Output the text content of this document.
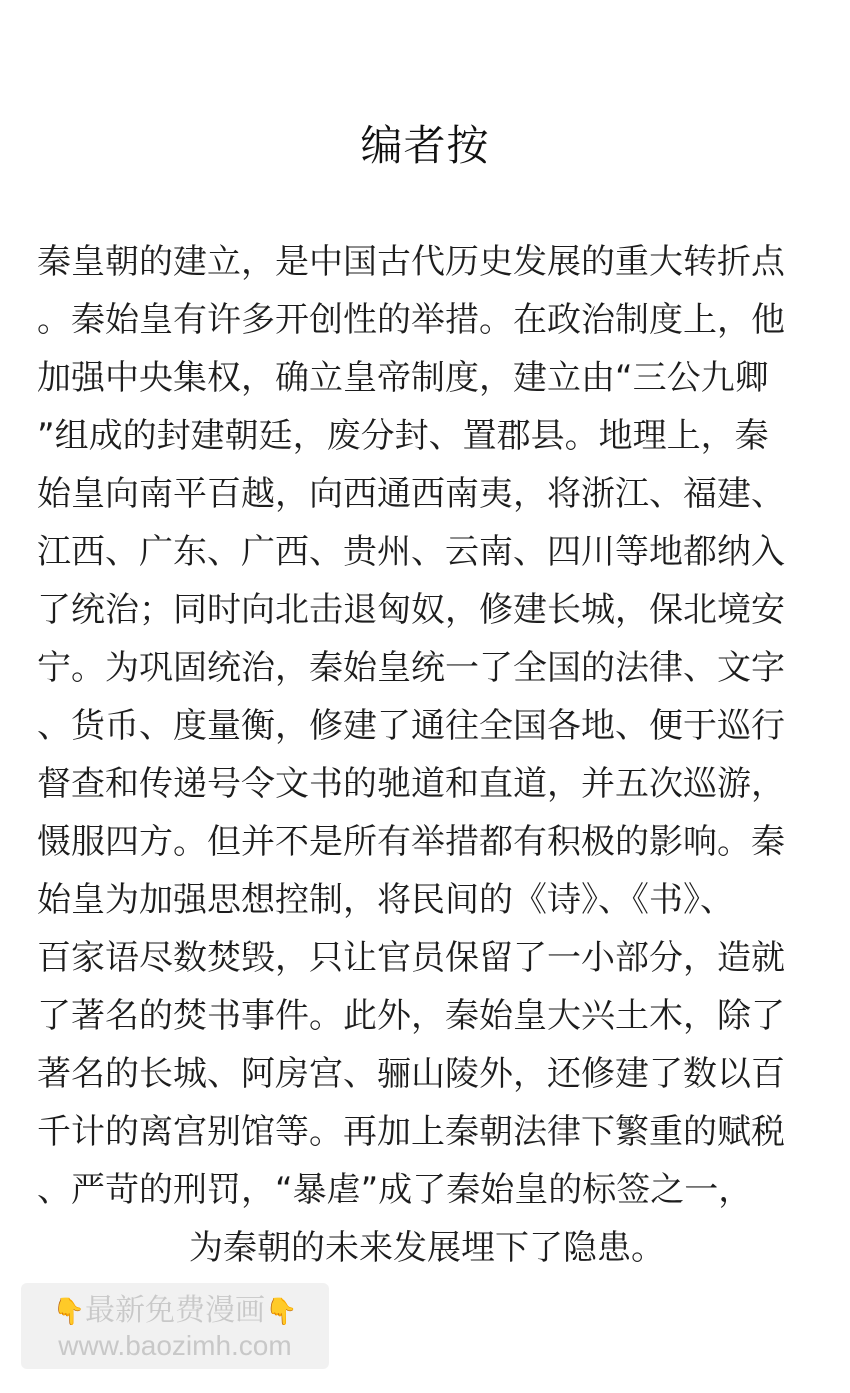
编者按
秦皇朝的建立，是中国古代历史发展的重大转折点
。秦始皇有许多开创性的举措。在政治制度上，他
加强中央集权，确立皇帝制度，建立由“三公九卿
”组成的封建朝廷，废分封、置郡县。地理上，秦
始皇向南平百越，向西通西南夷，将浙江、福建、
江西、广东、广西、贵州、云南、四川等地都纳入
了统治；同时向北击退匈奴，修建长城，保北境安
宁。为巩固统治，秦始皇统一了全国的法律、文字
、货币、度量衡，修建了通往全国各地、便于巡行
督查和传递号令文书的驰道和直道，并五次巡游，
慑服四方。但并不是所有举措都有积极的影响。秦
始皇为加强思想控制，将民间的《诗》、《书》、
百家语尽数焚毁，只让官员保留了一小部分，造就
了著名的焚书事件。此外，秦始皇大兴土木，除了
著名的长城、阿房宫、骊山陵外，还修建了数以百
千计的离宫别馆等。再加上秦朝法律下繁重的赋税
、严苛的刑罚，“暴虐”成了秦始皇的标签之一，
为秦朝的未来发展埋下了隐患。
👇最新免费漫画👇
www.baozimh.com
